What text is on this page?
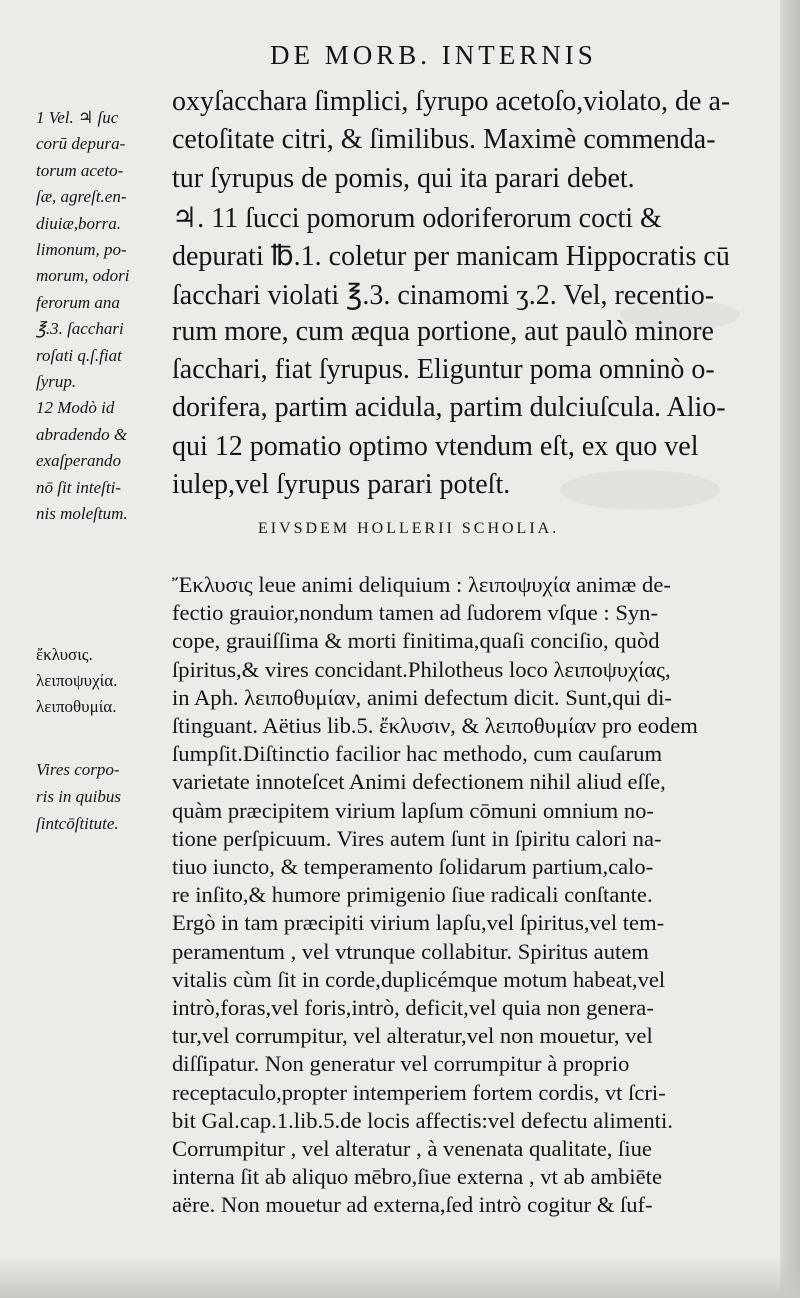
DE MORB. INTERNIS
oxyſacchara ſimplici, ſyrupo acetoſo,violato, de a-
cetoſitate citri, & ſimilibus. Maximè commenda-
tur ſyrupus de pomis, qui ita parari debet.
♃. 11 ſucci pomorum odoriferorum cocti &
depurati ℔.1. coletur per manicam Hippocratis cū
ſacchari violati ℥.3. cinamomi ʒ.2. Vel, recentio-
rum more, cum æqua portione, aut paulò minore
ſacchari, fiat ſyrupus. Eliguntur poma omninò o-
dorifera, partim acidula, partim dulciuſcula. Alio-
qui 12 pomatio optimo vtendum eſt, ex quo vel
iulep,vel ſyrupus parari poteſt.
1 Vel. ♃ ſuc
corū depura-
torum aceto-
ſæ, agreſt.en-
diuiæ,borra.
limonum, po-
morum, odori
ferorum ana
℥.3. ſacchari
roſati q.ſ.fiat
ſyrup.
12 Modò id
abradendo &
exaſperando
nō ſit inteſti-
nis moleſtum.
EIVSDEM HOLLERII SCHOLIA.
ἔκλυσις.
λειποψυχία.
λειποθυμία.
Vires corpo-
ris in quibus
ſintcōſtitute.
Ἔκλυσις leue animi deliquium : λειποψυχία animæ de-
fectio grauior,nondum tamen ad ſudorem vſque : Syn-
cope, grauiſſima & morti finitima,quaſi conciſio, quòd
ſpiritus,& vires concidant.Philotheus loco λειποψυχίας,
in Aph. λειποθυμίαν, animi defectum dicit. Sunt,qui di-
ſtinguant. Aëtius lib.5. ἔκλυσιν, & λειποθυμίαν pro eodem
ſumpſit.Diſtinctio facilior hac methodo, cum cauſarum
varietate innoteſcet Animi defectionem nihil aliud eſſe,
quàm præcipitem virium lapſum cōmuni omnium no-
tione perſpicuum. Vires autem ſunt in ſpiritu calori na-
tiuo iuncto, & temperamento ſolidarum partium,calo-
re inſito,& humore primigenio ſiue radicali conſtante.
Ergò in tam præcipiti virium lapſu,vel ſpiritus,vel tem-
peramentum , vel vtrunque collabitur. Spiritus autem
vitalis cùm ſit in corde,duplicémque motum habeat,vel
intrò,foras,vel foris,intrò, deficit,vel quia non genera-
tur,vel corrumpitur, vel alteratur,vel non mouetur, vel
diſſipatur. Non generatur vel corrumpitur à proprio
receptaculo,propter intemperiem fortem cordis, vt ſcri-
bit Gal.cap.1.lib.5.de locis affectis:vel defectu alimenti.
Corrumpitur , vel alteratur , à venenata qualitate, ſiue
interna ſit ab aliquo mēbro,ſiue externa , vt ab ambiēte
aëre. Non mouetur ad externa,ſed intrò cogitur & ſuf-
